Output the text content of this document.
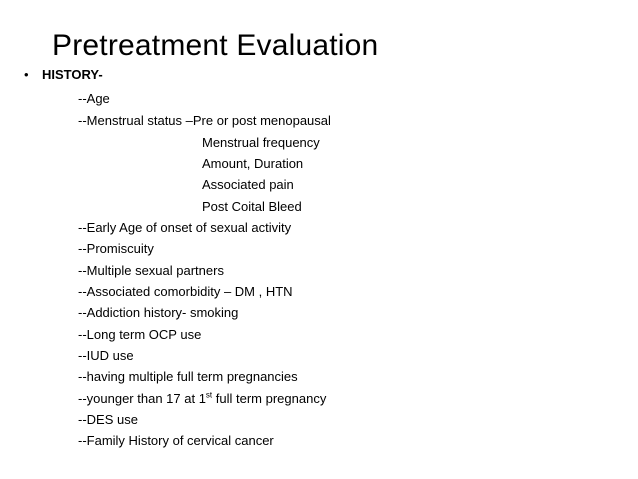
Pretreatment Evaluation
• HISTORY-
--Age
--Menstrual status –Pre or post menopausal
Menstrual frequency
Amount, Duration
Associated pain
Post Coital Bleed
--Early Age of onset of sexual activity
--Promiscuity
--Multiple sexual partners
--Associated comorbidity – DM , HTN
--Addiction history- smoking
--Long term OCP use
--IUD use
--having multiple full term pregnancies
--younger than 17 at 1st full term pregnancy
--DES use
--Family History of cervical cancer
